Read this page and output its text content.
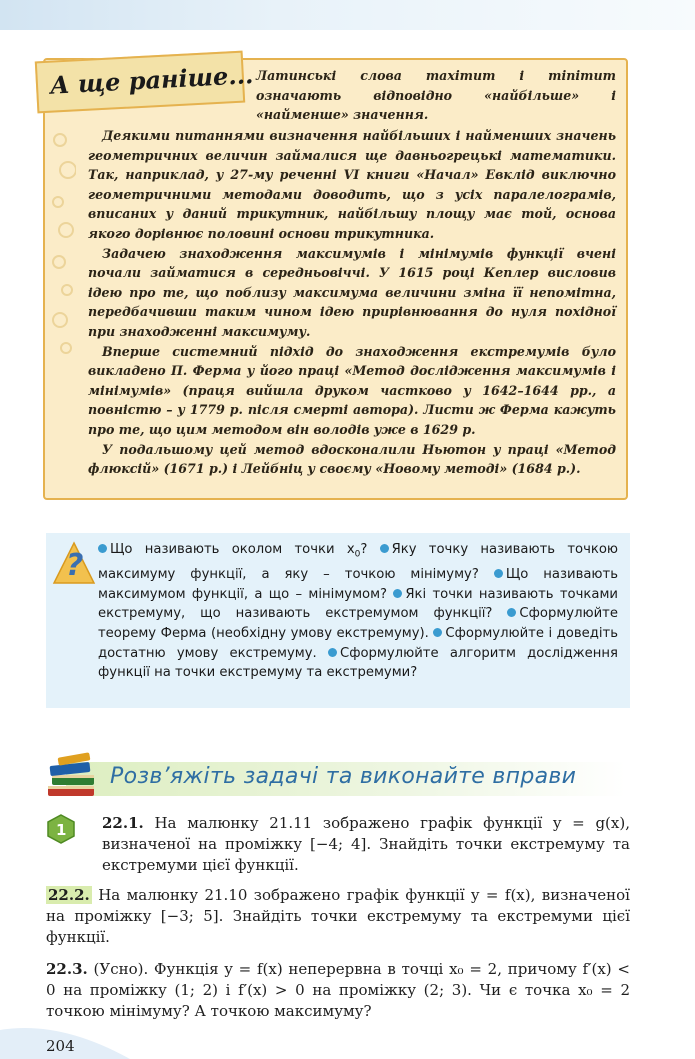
А ще раніше... Латинські слова maximum і minimum означають відповідно «найбільше» і «найменше» значення.

Деякими питаннями визначення найбільших і найменших значень геометричних величин займалися ще давньогрецькі математики. Так, наприклад, у 27-му реченні VI книги «Начал» Евклід виключно геометричними методами доводить, що з усіх паралелограмів, вписаних у даний трикутник, найбільшу площу має той, основа якого дорівнює половині основи трикутника.

Задачею знаходження максимумів і мінімумів функції вчені почали займатися в середньовіччі. У 1615 році Кеплер висловив ідею про те, що поблизу максимума величини зміна її непомітна, передбачивши таким чином ідею прирівнювання до нуля похідної при знаходженні максимуму.

Вперше системний підхід до знаходження екстремумів було викладено П. Ферма у його праці «Метод дослідження максимумів і мінімумів» (праця вийшла друком частково у 1642–1644 рр., а повністю – у 1779 р. після смерті автора). Листи ж Ферма кажуть про те, що цим методом він володів уже в 1629 р.

У подальшому цей метод вдосконалили Ньютон у праці «Метод флюксій» (1671 р.) і Лейбніц у своєму «Новому методі» (1684 р.).

?	Що називають околом точки $x_0$? Яку точку називають точкою максимуму функції, а яку – точкою мінімуму? Що називають максимумом функції, а що – мінімумом? Які точки називають точками екстремуму, що називають екстремумом функції? Сформулюйте теорему Ферма (необхідну умову екстремуму). Сформулюйте і доведіть достатню умову екстремуму. Сформулюйте алгоритм дослідження функції на точки екстремуму та екстремуми?

Розв’яжіть задачі та виконайте вправи
1 22.1. На малюнку 21.11 зображено графік функції y = g(x), визначеної на проміжку [−4; 4]. Знайдіть точки екстремуму та екстремуми цієї функції.

22.2. На малюнку 21.10 зображено графік функції y = f(x), визначеної на проміжку [−3; 5]. Знайдіть точки екстремуму та екстремуми цієї функції.

22.3. (Усно). Функція y = f(x) неперервна в точці x₀ = 2, причому f′(x) < 0 на проміжку (1; 2) і f′(x) > 0 на проміжку (2; 3). Чи є точка x₀ = 2 точкою мінімуму? А точкою максимуму?

204
